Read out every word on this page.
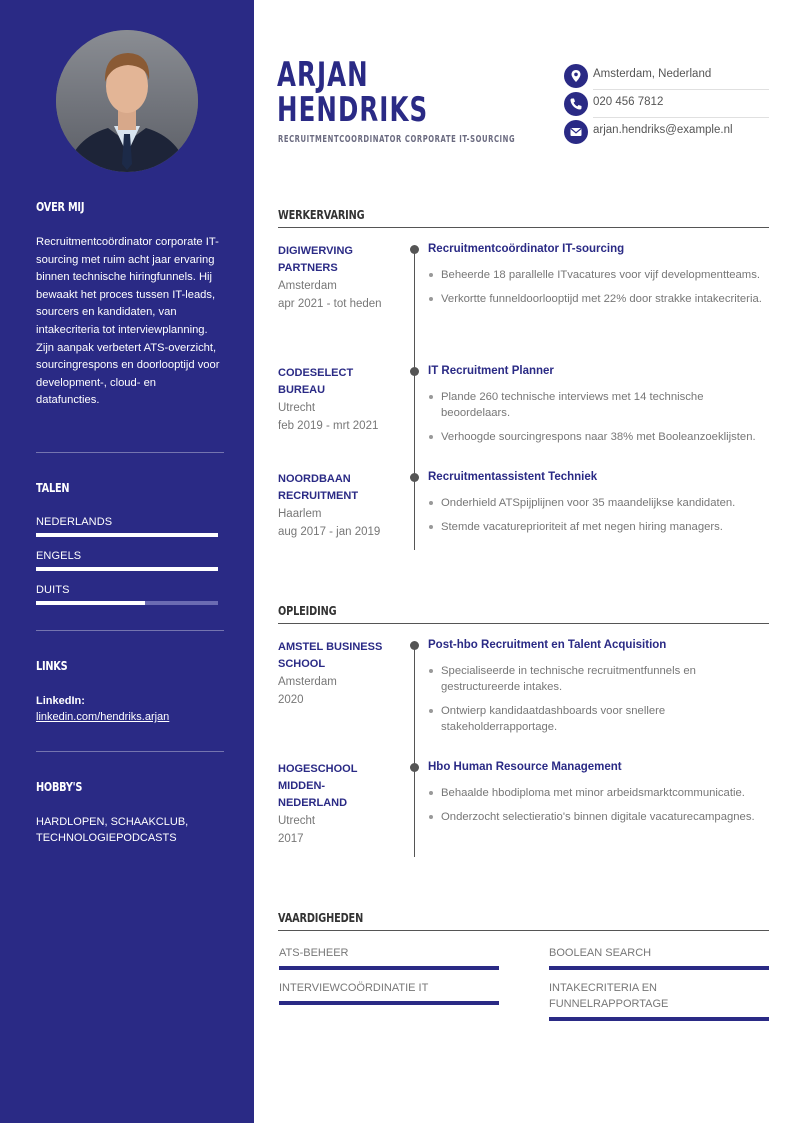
OVER MIJ
Recruitmentcoördinator corporate IT-sourcing met ruim acht jaar ervaring binnen technische hiringfunnels. Hij bewaakt het proces tussen IT-leads, sourcers en kandidaten, van intakecriteria tot interviewplanning. Zijn aanpak verbetert ATS-overzicht, sourcingrespons en doorlooptijd voor development-, cloud- en datafuncties.
TALEN
NEDERLANDS
ENGELS
DUITS
LINKS
LinkedIn:
linkedin.com/hendriks.arjan
HOBBY'S
HARDLOPEN, SCHAAKCLUB, TECHNOLOGIEPODCASTS
ARJAN
HENDRIKS
RECRUITMENTCOÖRDINATOR CORPORATE IT-SOURCING
Amsterdam, Nederland
020 456 7812
arjan.hendriks@example.nl
WERKERVARING
DIGIWERVING PARTNERS
Amsterdam
apr 2021 - tot heden
Recruitmentcoördinator IT-sourcing
Beheerde 18 parallelle ITvacatures voor vijf developmentteams.
Verkortte funneldoorlooptijd met 22% door strakke intakecriteria.
CODESELECT BUREAU
Utrecht
feb 2019 - mrt 2021
IT Recruitment Planner
Plande 260 technische interviews met 14 technische beoordelaars.
Verhoogde sourcingrespons naar 38% met Booleanzoeklijsten.
NOORDBAAN RECRUITMENT
Haarlem
aug 2017 - jan 2019
Recruitmentassistent Techniek
Onderhield ATSpijplijnen voor 35 maandelijkse kandidaten.
Stemde vacatureprioriteit af met negen hiring managers.
OPLEIDING
AMSTEL BUSINESS SCHOOL
Amsterdam
2020
Post-hbo Recruitment en Talent Acquisition
Specialiseerde in technische recruitmentfunnels en gestructureerde intakes.
Ontwierp kandidaatdashboards voor snellere stakeholderrapportage.
HOGESCHOOL MIDDEN-NEDERLAND
Utrecht
2017
Hbo Human Resource Management
Behaalde hbodiploma met minor arbeidsmarktcommunicatie.
Onderzocht selectieratio's binnen digitale vacaturecampagnes.
VAARDIGHEDEN
ATS-BEHEER	BOOLEAN SEARCH
INTERVIEWCOÖRDINATIE IT	INTAKECRITERIA EN FUNNELRAPPORTAGE
